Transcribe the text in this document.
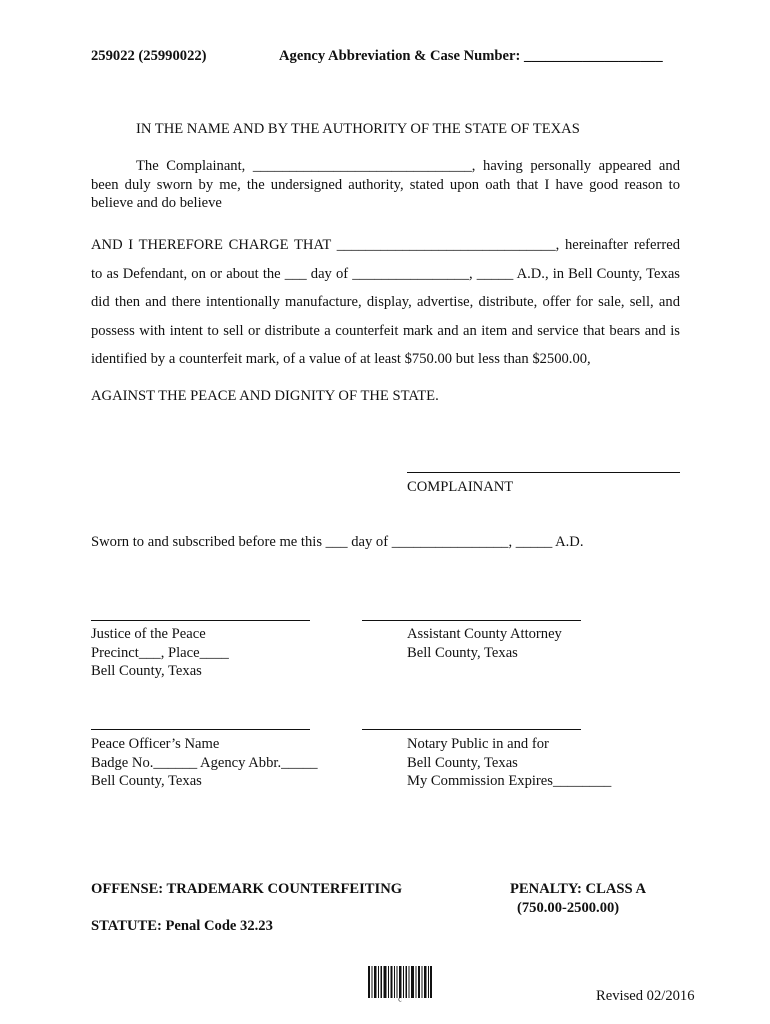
259022 (25990022)	Agency Abbreviation & Case Number: ___________________
IN THE NAME AND BY THE AUTHORITY OF THE STATE OF TEXAS
The Complainant, ______________________________, having personally appeared and been duly sworn by me, the undersigned authority, stated upon oath that I have good reason to believe and do believe
AND I THEREFORE CHARGE THAT ______________________________, hereinafter referred
to as Defendant, on or about the ___ day of ________________, _____ A.D., in Bell County, Texas
did then and there intentionally manufacture, display, advertise, distribute, offer for sale, sell, and
possess with intent to sell or distribute a counterfeit mark and an item and service that bears and is
identified by a counterfeit mark, of a value of at least $750.00 but less than $2500.00,
AGAINST THE PEACE AND DIGNITY OF THE STATE.
COMPLAINANT
Sworn to and subscribed before me this ___ day of ________________, _____ A.D.
Justice of the Peace
Precinct___, Place____
Bell County, Texas
Assistant County Attorney
Bell County, Texas
Peace Officer’s Name
Badge No.______ Agency Abbr._____
Bell County, Texas
Notary Public in and for
Bell County, Texas
My Commission Expires________
OFFENSE: TRADEMARK COUNTERFEITING	PENALTY: CLASS A
(750.00-2500.00)
STATUTE: Penal Code 32.23
C	Revised 02/2016
